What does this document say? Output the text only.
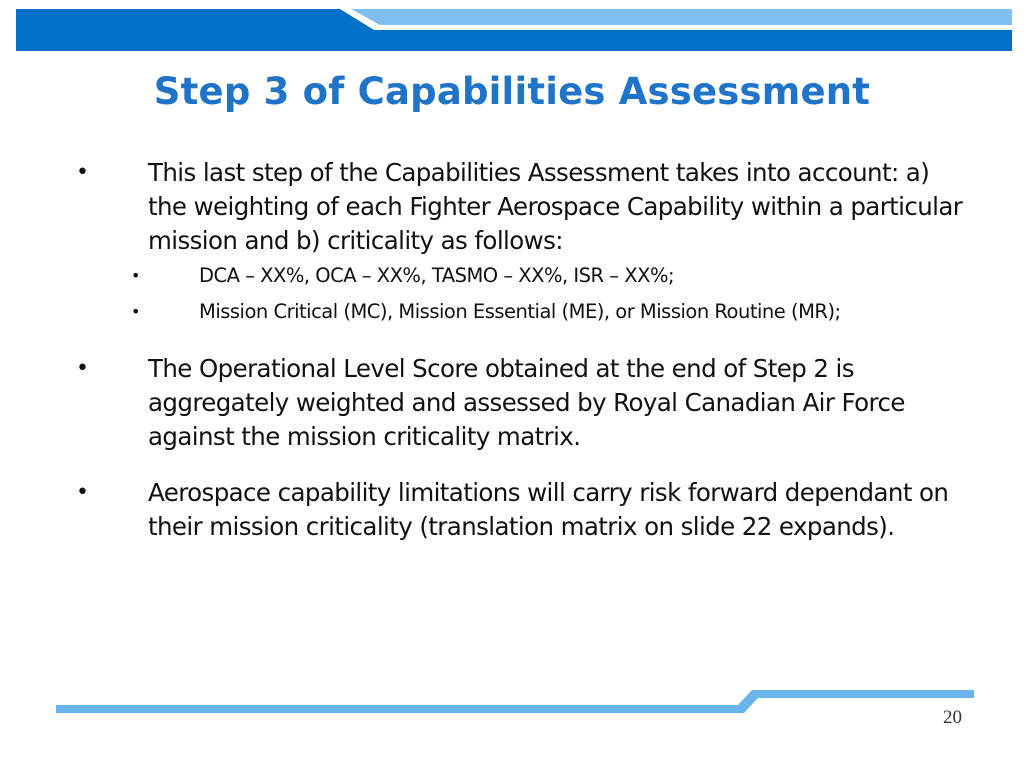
Step 3 of Capabilities Assessment
• This last step of the Capabilities Assessment takes into account: a) the weighting of each Fighter Aerospace Capability within a particular mission and b) criticality as follows:
•	DCA – XX%, OCA – XX%, TASMO – XX%, ISR – XX%;
•	Mission Critical (MC), Mission Essential (ME), or Mission Routine (MR);
• The Operational Level Score obtained at the end of Step 2 is aggregately weighted and assessed by Royal Canadian Air Force against the mission criticality matrix.
• Aerospace capability limitations will carry risk forward dependant on their mission criticality (translation matrix on slide 22 expands).
20
